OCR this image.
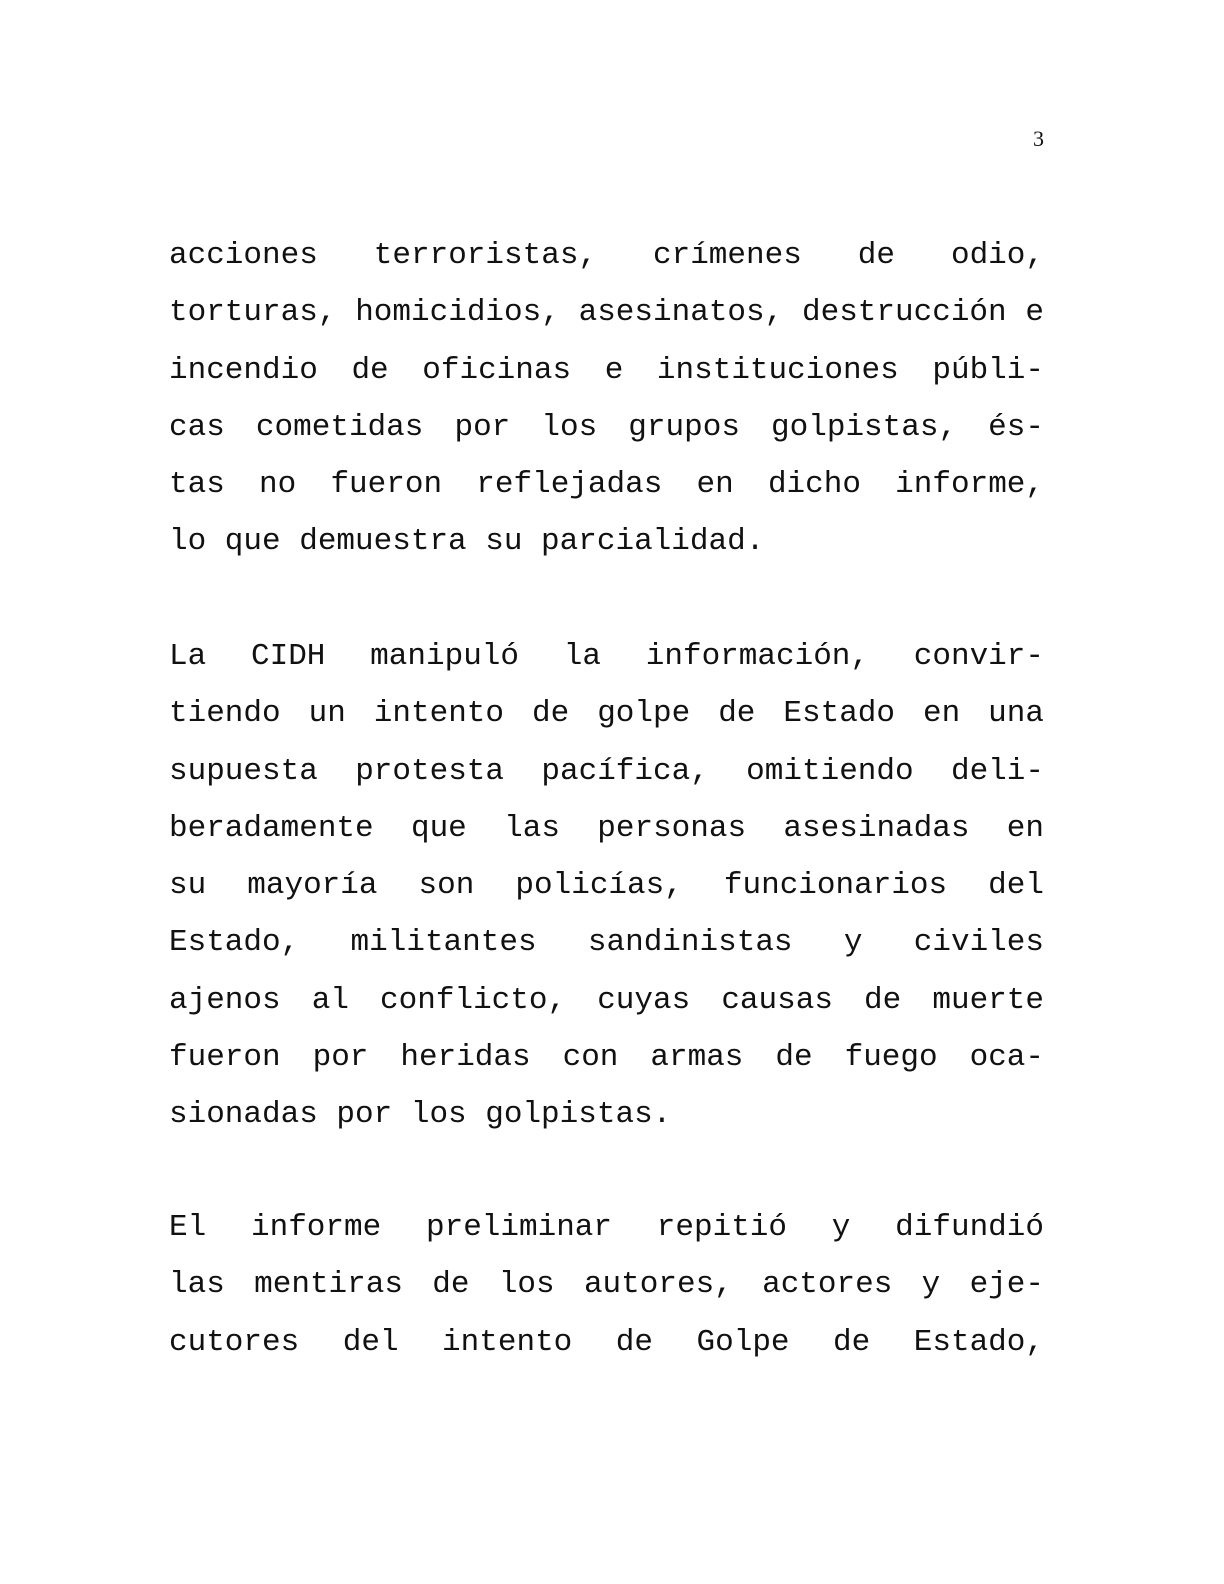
3
acciones terroristas, crímenes de odio,
torturas, homicidios, asesinatos, destrucción e
incendio de oficinas e instituciones públi-
cas cometidas por los grupos golpistas, és-
tas no fueron reflejadas en dicho informe,
lo que demuestra su parcialidad.
La CIDH manipuló la información, convir-
tiendo un intento de golpe de Estado en una
supuesta protesta pacífica, omitiendo deli-
beradamente que las personas asesinadas en
su mayoría son policías, funcionarios del
Estado, militantes sandinistas y civiles
ajenos al conflicto, cuyas causas de muerte
fueron por heridas con armas de fuego oca-
sionadas por los golpistas.
El informe preliminar repitió y difundió
las mentiras de los autores, actores y eje-
cutores del intento de Golpe de Estado,
